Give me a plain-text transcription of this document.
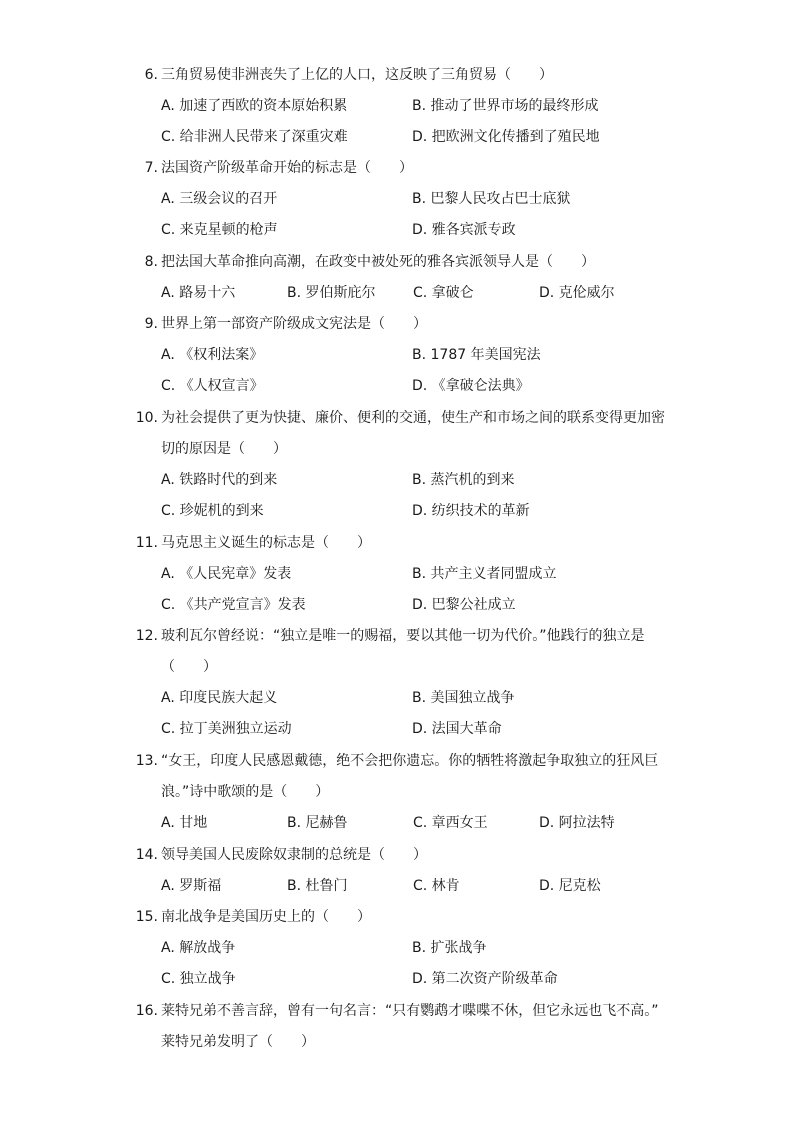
6. 三角贸易使非洲丧失了上亿的人口，这反映了三角贸易（　　）
A. 加速了西欧的资本原始积累	B. 推动了世界市场的最终形成
C. 给非洲人民带来了深重灾难	D. 把欧洲文化传播到了殖民地
7. 法国资产阶级革命开始的标志是（　　）
A. 三级会议的召开	B. 巴黎人民攻占巴士底狱
C. 来克星顿的枪声	D. 雅各宾派专政
8. 把法国大革命推向高潮，在政变中被处死的雅各宾派领导人是（　　）
A. 路易十六	B. 罗伯斯庇尔	C. 拿破仑	D. 克伦威尔
9. 世界上第一部资产阶级成文宪法是（　　）
A. 《权利法案》	B. 1787 年美国宪法
C. 《人权宣言》	D. 《拿破仑法典》
10. 为社会提供了更为快捷、廉价、便利的交通，使生产和市场之间的联系变得更加密
切的原因是（　　）
A. 铁路时代的到来	B. 蒸汽机的到来
C. 珍妮机的到来	D. 纺织技术的革新
11. 马克思主义诞生的标志是（　　）
A. 《人民宪章》发表	B. 共产主义者同盟成立
C. 《共产党宣言》发表	D. 巴黎公社成立
12. 玻利瓦尔曾经说：“独立是唯一的赐福，要以其他一切为代价。”他践行的独立是
（　　）
A. 印度民族大起义	B. 美国独立战争
C. 拉丁美洲独立运动	D. 法国大革命
13. “女王，印度人民感恩戴德，绝不会把你遗忘。你的牺牲将激起争取独立的狂风巨
浪。”诗中歌颂的是（　　）
A. 甘地	B. 尼赫鲁	C. 章西女王	D. 阿拉法特
14. 领导美国人民废除奴隶制的总统是（　　）
A. 罗斯福	B. 杜鲁门	C. 林肯	D. 尼克松
15. 南北战争是美国历史上的（　　）
A. 解放战争	B. 扩张战争
C. 独立战争	D. 第二次资产阶级革命
16. 莱特兄弟不善言辞，曾有一句名言：“只有鹦鹉才喋喋不休，但它永远也飞不高。”
莱特兄弟发明了（　　）
